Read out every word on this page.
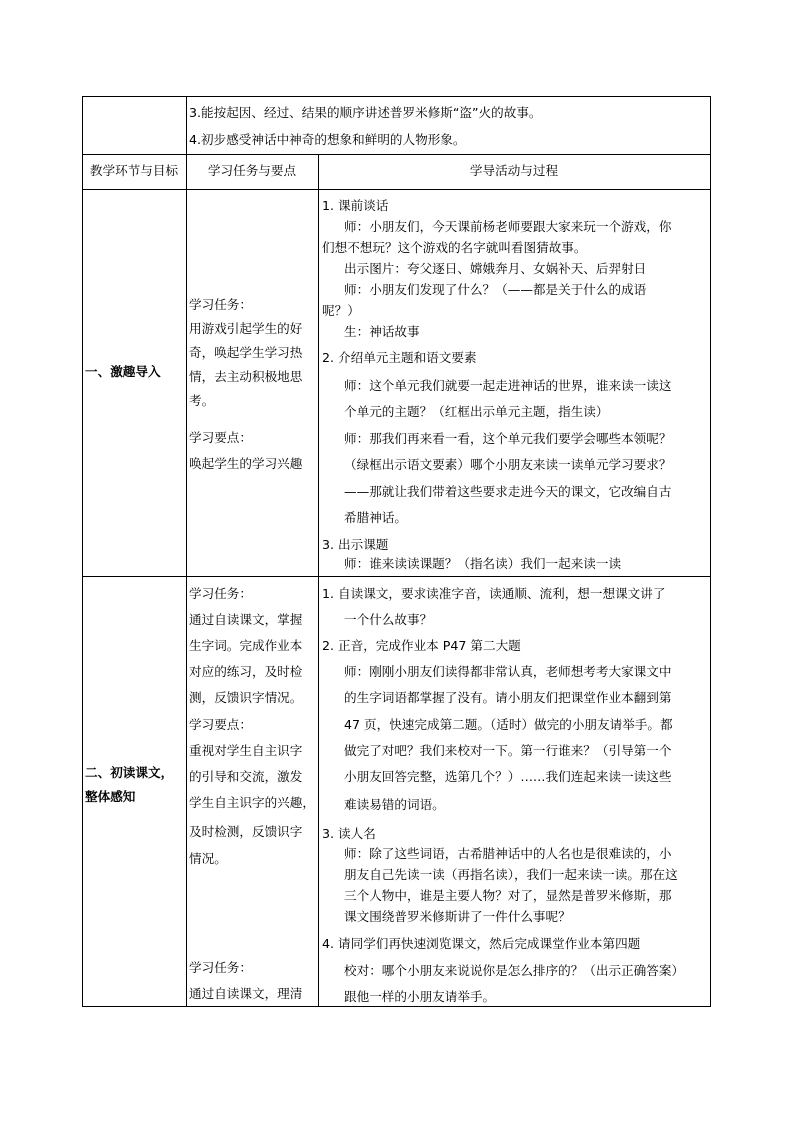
3.能按起因、经过、结果的顺序讲述普罗米修斯“盗”火的故事。
4.初步感受神话中神奇的想象和鲜明的人物形象。
教学环节与目标	学习任务与要点	学导活动与过程
一、激趣导入
学习任务：
用游戏引起学生的好
奇，唤起学生学习热
情，去主动积极地思
考。
学习要点：
唤起学生的学习兴趣
1. 课前谈话
师：小朋友们，今天课前杨老师要跟大家来玩一个游戏，你
们想不想玩？这个游戏的名字就叫看图猜故事。
出示图片：夸父逐日、嫦娥奔月、女娲补天、后羿射日
师：小朋友们发现了什么？（——都是关于什么的成语
呢？）
生：神话故事
2. 介绍单元主题和语文要素
师：这个单元我们就要一起走进神话的世界，谁来读一读这
个单元的主题？（红框出示单元主题，指生读）
师：那我们再来看一看，这个单元我们要学会哪些本领呢？
（绿框出示语文要素）哪个小朋友来读一读单元学习要求？
——那就让我们带着这些要求走进今天的课文，它改编自古
希腊神话。
3. 出示课题
师：谁来读读课题？（指名读）我们一起来读一读
二、初读课文，
整体感知
学习任务：
通过自读课文，掌握
生字词。完成作业本
对应的练习，及时检
测，反馈识字情况。
学习要点：
重视对学生自主识字
的引导和交流，激发
学生自主识字的兴趣，
及时检测，反馈识字
情况。
学习任务：
通过自读课文，理清
1. 自读课文，要求读准字音，读通顺、流利，想一想课文讲了
一个什么故事？
2. 正音，完成作业本 P47 第二大题
师：刚刚小朋友们读得都非常认真，老师想考考大家课文中
的生字词语都掌握了没有。请小朋友们把课堂作业本翻到第
47 页，快速完成第二题。（适时）做完的小朋友请举手。都
做完了对吧？我们来校对一下。第一行谁来？（引导第一个
小朋友回答完整，选第几个？）……我们连起来读一读这些
难读易错的词语。
3. 读人名
师：除了这些词语，古希腊神话中的人名也是很难读的，小
朋友自己先读一读（再指名读），我们一起来读一读。那在这
三个人物中，谁是主要人物？对了，显然是普罗米修斯，那
课文围绕普罗米修斯讲了一件什么事呢？
4. 请同学们再快速浏览课文，然后完成课堂作业本第四题
校对：哪个小朋友来说说你是怎么排序的？（出示正确答案）
跟他一样的小朋友请举手。
